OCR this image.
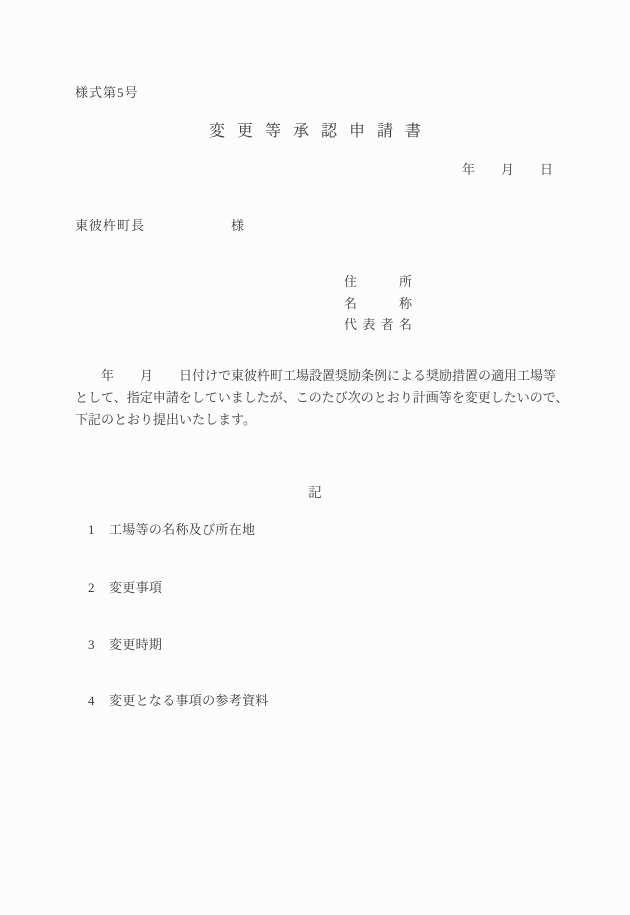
様式第5号
変更等承認申請書
年　　月　　日
東彼杵町長	様
住所
名称
代表者名
　　年　　月　　日付けで東彼杵町工場設置奨励条例による奨励措置の適用工場等
として、指定申請をしていましたが、このたび次のとおり計画等を変更したいので、
下記のとおり提出いたします。
記
1 工場等の名称及び所在地
2 変更事項
3 変更時期
4 変更となる事項の参考資料
